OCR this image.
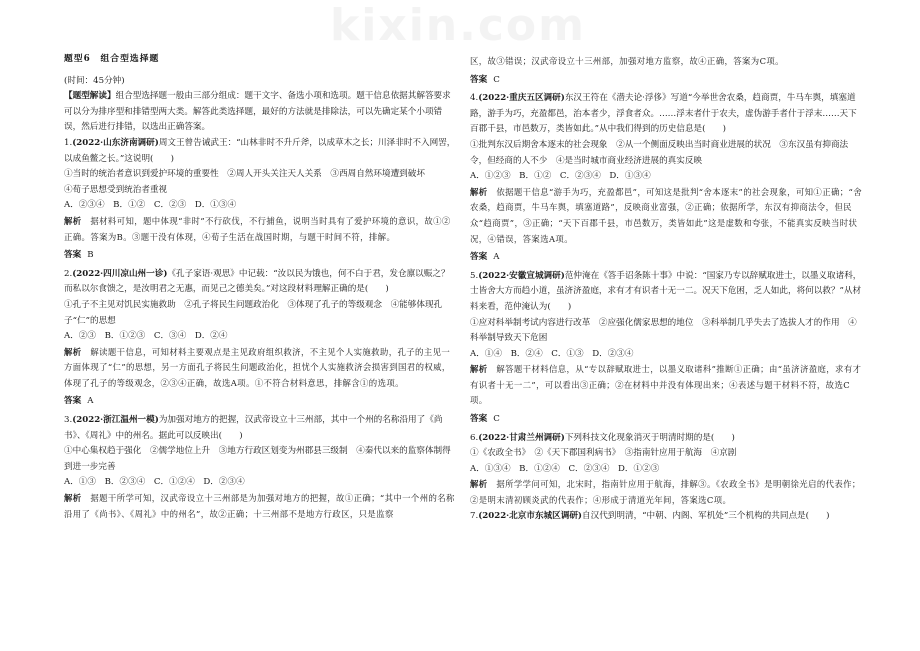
kixin.com

题型6　组合型选择题

(时间：45分钟)

【题型解读】组合型选择题一般由三部分组成：题干文字、备选小项和选项。题干信息依据其解答要求可以分为排序型和排错型两大类。解答此类选择题，最好的方法就是排除法，可以先确定某个小项错误，然后进行排错，以选出正确答案。

1.(2022·山东济南调研)周文王曾告诫武王：“山林非时不升斤斧，以成草木之长；川泽非时不入网罟，以成鱼鳖之长。”这说明(　　)

①当时的统治者意识到爱护环境的重要性　②周人开头关注天人关系　③西周自然环境遭到破坏

④荀子思想受到统治者重视

A．②③④　B．①②　C．②③　D．①③④

解析　 据材料可知，题中体现“非时”不行砍伐，不行捕鱼，说明当时具有了爱护环境的意识，故①②正确。答案为B。③题干没有体现，④荀子生活在战国时期，与题干时间不符，排解。

答案 B

2.(2022·四川凉山州一诊)《孔子家语·观思》中记载：“汝以民为饿也，何不白于君，发仓廪以赈之？而私以尔食馈之，是汝明君之无惠，而见己之德美矣。”对这段材料理解正确的是(　　)

①孔子不主见对饥民实施救助　②孔子将民生问题政治化　③体现了孔子的等级观念　④能够体现孔子“仁”的思想

A．②③　B．①②③　C．③④　D．②④

解析　 解读题干信息，可知材料主要观点是主见政府组织救济，不主见个人实施救助，孔子的主见一方面体现了“仁”的思想，另一方面孔子将民生问题政治化，担忧个人实施救济会损害到国君的权威，体现了孔子的等级观念，②③④正确，故选A项。①不符合材料意思，排解含①的选项。

答案 A

3.(2022·浙江温州一模)为加强对地方的把握，汉武帝设立十三州部，其中一个州的名称沿用了《尚书》、《周礼》中的州名。据此可以反映出(　　)

①中心集权趋于强化　②儒学地位上升　③地方行政区划变为州郡县三级制　④秦代以来的监察体制得到进一步完善

A．①③　B．②③④　C．①②④　D．②③④

解析　 据题干所学可知，汉武帝设立十三州部是为加强对地方的把握，故①正确；“其中一个州的名称沿用了《尚书》、《周礼》中的州名”，故②正确；十三州部不是地方行政区，只是监察

区，故③错误；汉武帝设立十三州部，加强对地方监察，故④正确，答案为C项。

答案 C

4.(2022·重庆五区调研)东汉王符在《潜夫论·浮侈》写道“今举世舍农桑，趋商贾，牛马车舆，填塞道路，游手为巧，充盈都邑，治本者少，浮食者众。……浮末者什于农夫，虚伪游手者什于浮末……天下百郡千县，市邑数万，类皆如此。”从中我们得到的历史信息是(　　)

①批判东汉后期舍本逐末的社会现象　②从一个侧面反映出当时商业进展的状况　③东汉虽有抑商法令，但经商的人不少　④是当时城市商业经济进展的真实反映

A．①②③　B．①②　C．②③④　D．①③④

解析　 依据题干信息“游手为巧，充盈都邑”，可知这是批判“舍本逐末”的社会现象，可知①正确；“舍农桑，趋商贾，牛马车舆，填塞道路”，反映商业富强，②正确；依据所学，东汉有抑商法令，但民众“趋商贾”，③正确；“天下百郡千县，市邑数万，类皆如此”这是虚数和夸张，不能真实反映当时状况，④错误，答案选A项。

答案 A

5.(2022·安徽宣城调研)范仲淹在《答手诏条陈十事》中说：“国家乃专以辞赋取进士，以墨义取诸科，士皆舍大方而趋小道，虽济济盈庭，求有才有识者十无一二。况天下危困，乏人如此，将何以救？”从材料来看，范仲淹认为(　　)

①应对科举制考试内容进行改革　②应强化儒家思想的地位　③科举制几乎失去了选拔人才的作用　④科举制导致天下危困

A．①④　B．②④　C．①③　D．②③④

解析　 解答题干材料信息，从“专以辞赋取进士，以墨义取诸科”推断①正确；由“虽济济盈庭，求有才有识者十无一二”，可以看出③正确；②在材料中并没有体现出来；④表述与题干材料不符，故选C项。

答案 C

6.(2022·甘肃兰州调研)下列科技文化现象消灭于明清时期的是(　　)

①《农政全书》　②《天下郡国利病书》　③指南针应用于航海　④京剧

A．①③④　B．①②④　C．②③④　D．①②③

解析　 据所学学问可知，北宋时，指南针应用于航海，排解③。《农政全书》是明朝徐光启的代表作；②是明末清初顾炎武的代表作；④形成于清道光年间，答案选C项。

7.(2022·北京市东城区调研)自汉代到明清，“中朝、内阁、军机处”三个机构的共同点是(　　)
